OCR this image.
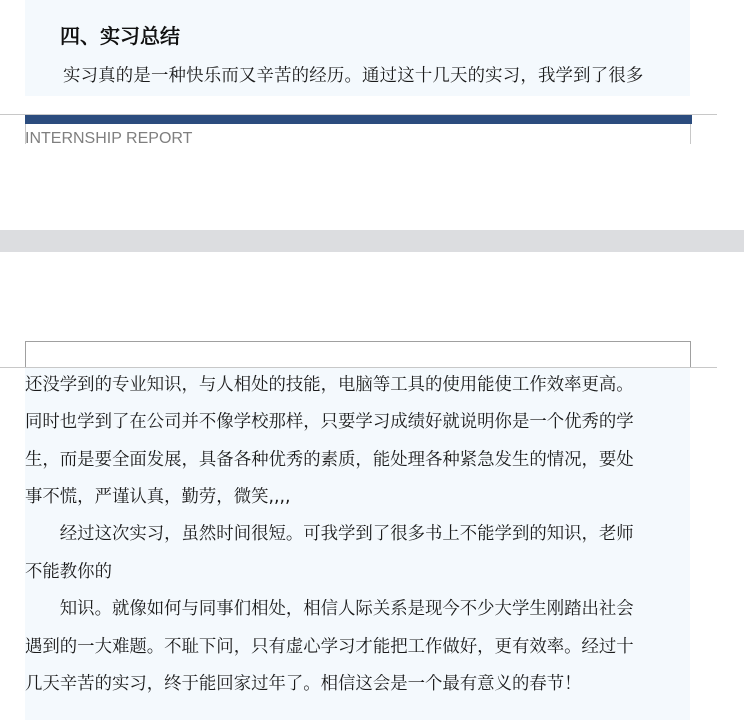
四、实习总结
实习真的是一种快乐而又辛苦的经历。通过这十几天的实习，我学到了很多
INTERNSHIP REPORT
还没学到的专业知识，与人相处的技能，电脑等工具的使用能使工作效率更高。
同时也学到了在公司并不像学校那样，只要学习成绩好就说明你是一个优秀的学
生，而是要全面发展，具备各种优秀的素质，能处理各种紧急发生的情况，要处
事不慌，严谨认真，勤劳，微笑,,,,
　　经过这次实习，虽然时间很短。可我学到了很多书上不能学到的知识，老师
不能教你的
　　知识。就像如何与同事们相处，相信人际关系是现今不少大学生刚踏出社会
遇到的一大难题。不耻下问，只有虚心学习才能把工作做好，更有效率。经过十
几天辛苦的实习，终于能回家过年了。相信这会是一个最有意义的春节！
